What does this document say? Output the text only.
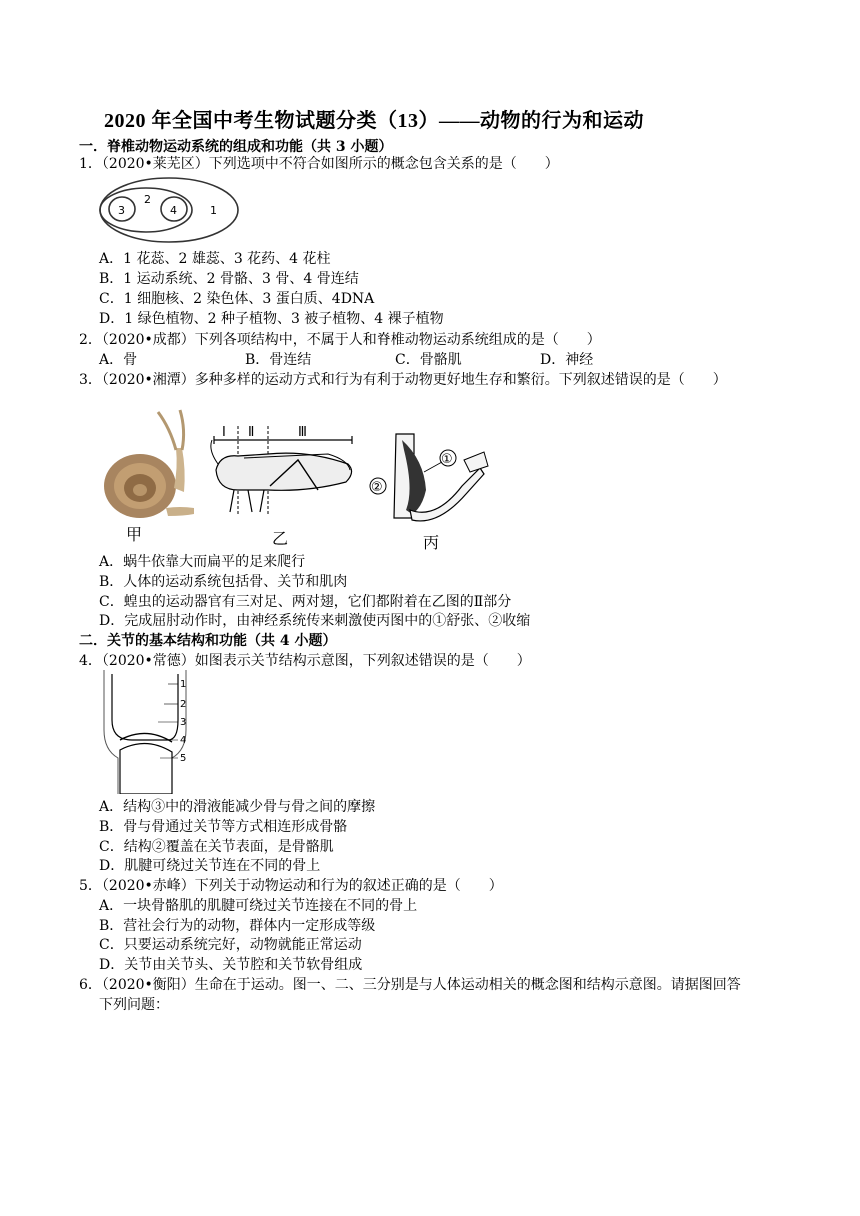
2020 年全国中考生物试题分类（13）——动物的行为和运动
一．脊椎动物运动系统的组成和功能（共 3 小题）
1．（2020•莱芜区）下列选项中不符合如图所示的概念包含关系的是（　　）
3
2
4	1
A．1 花蕊、2 雄蕊、3 花药、4 花柱
B．1 运动系统、2 骨骼、3 骨、4 骨连结
C．1 细胞核、2 染色体、3 蛋白质、4DNA
D．1 绿色植物、2 种子植物、3 被子植物、4 裸子植物
2．（2020•成都）下列各项结构中，不属于人和脊椎动物运动系统组成的是（　　）
A．骨	B．骨连结	C．骨骼肌	D．神经
3．（2020•湘潭）多种多样的运动方式和行为有利于动物更好地生存和繁衍。下列叙述错误的是（　　）
甲
Ⅰ Ⅱ	Ⅲ
乙
①
②
丙
A．蜗牛依靠大而扁平的足来爬行
B．人体的运动系统包括骨、关节和肌肉
C．蝗虫的运动器官有三对足、两对翅，它们都附着在乙图的Ⅱ部分
D．完成屈肘动作时，由神经系统传来刺激使丙图中的①舒张、②收缩
二．关节的基本结构和功能（共 4 小题）
4．（2020•常德）如图表示关节结构示意图，下列叙述错误的是（　　）
1
2
3
4
5
A．结构③中的滑液能减少骨与骨之间的摩擦
B．骨与骨通过关节等方式相连形成骨骼
C．结构②覆盖在关节表面，是骨骼肌
D．肌腱可绕过关节连在不同的骨上
5．（2020•赤峰）下列关于动物运动和行为的叙述正确的是（　　）
A．一块骨骼肌的肌腱可绕过关节连接在不同的骨上
B．营社会行为的动物，群体内一定形成等级
C．只要运动系统完好，动物就能正常运动
D．关节由关节头、关节腔和关节软骨组成
6．（2020•衡阳）生命在于运动。图一、二、三分别是与人体运动相关的概念图和结构示意图。请据图回答
下列问题：
